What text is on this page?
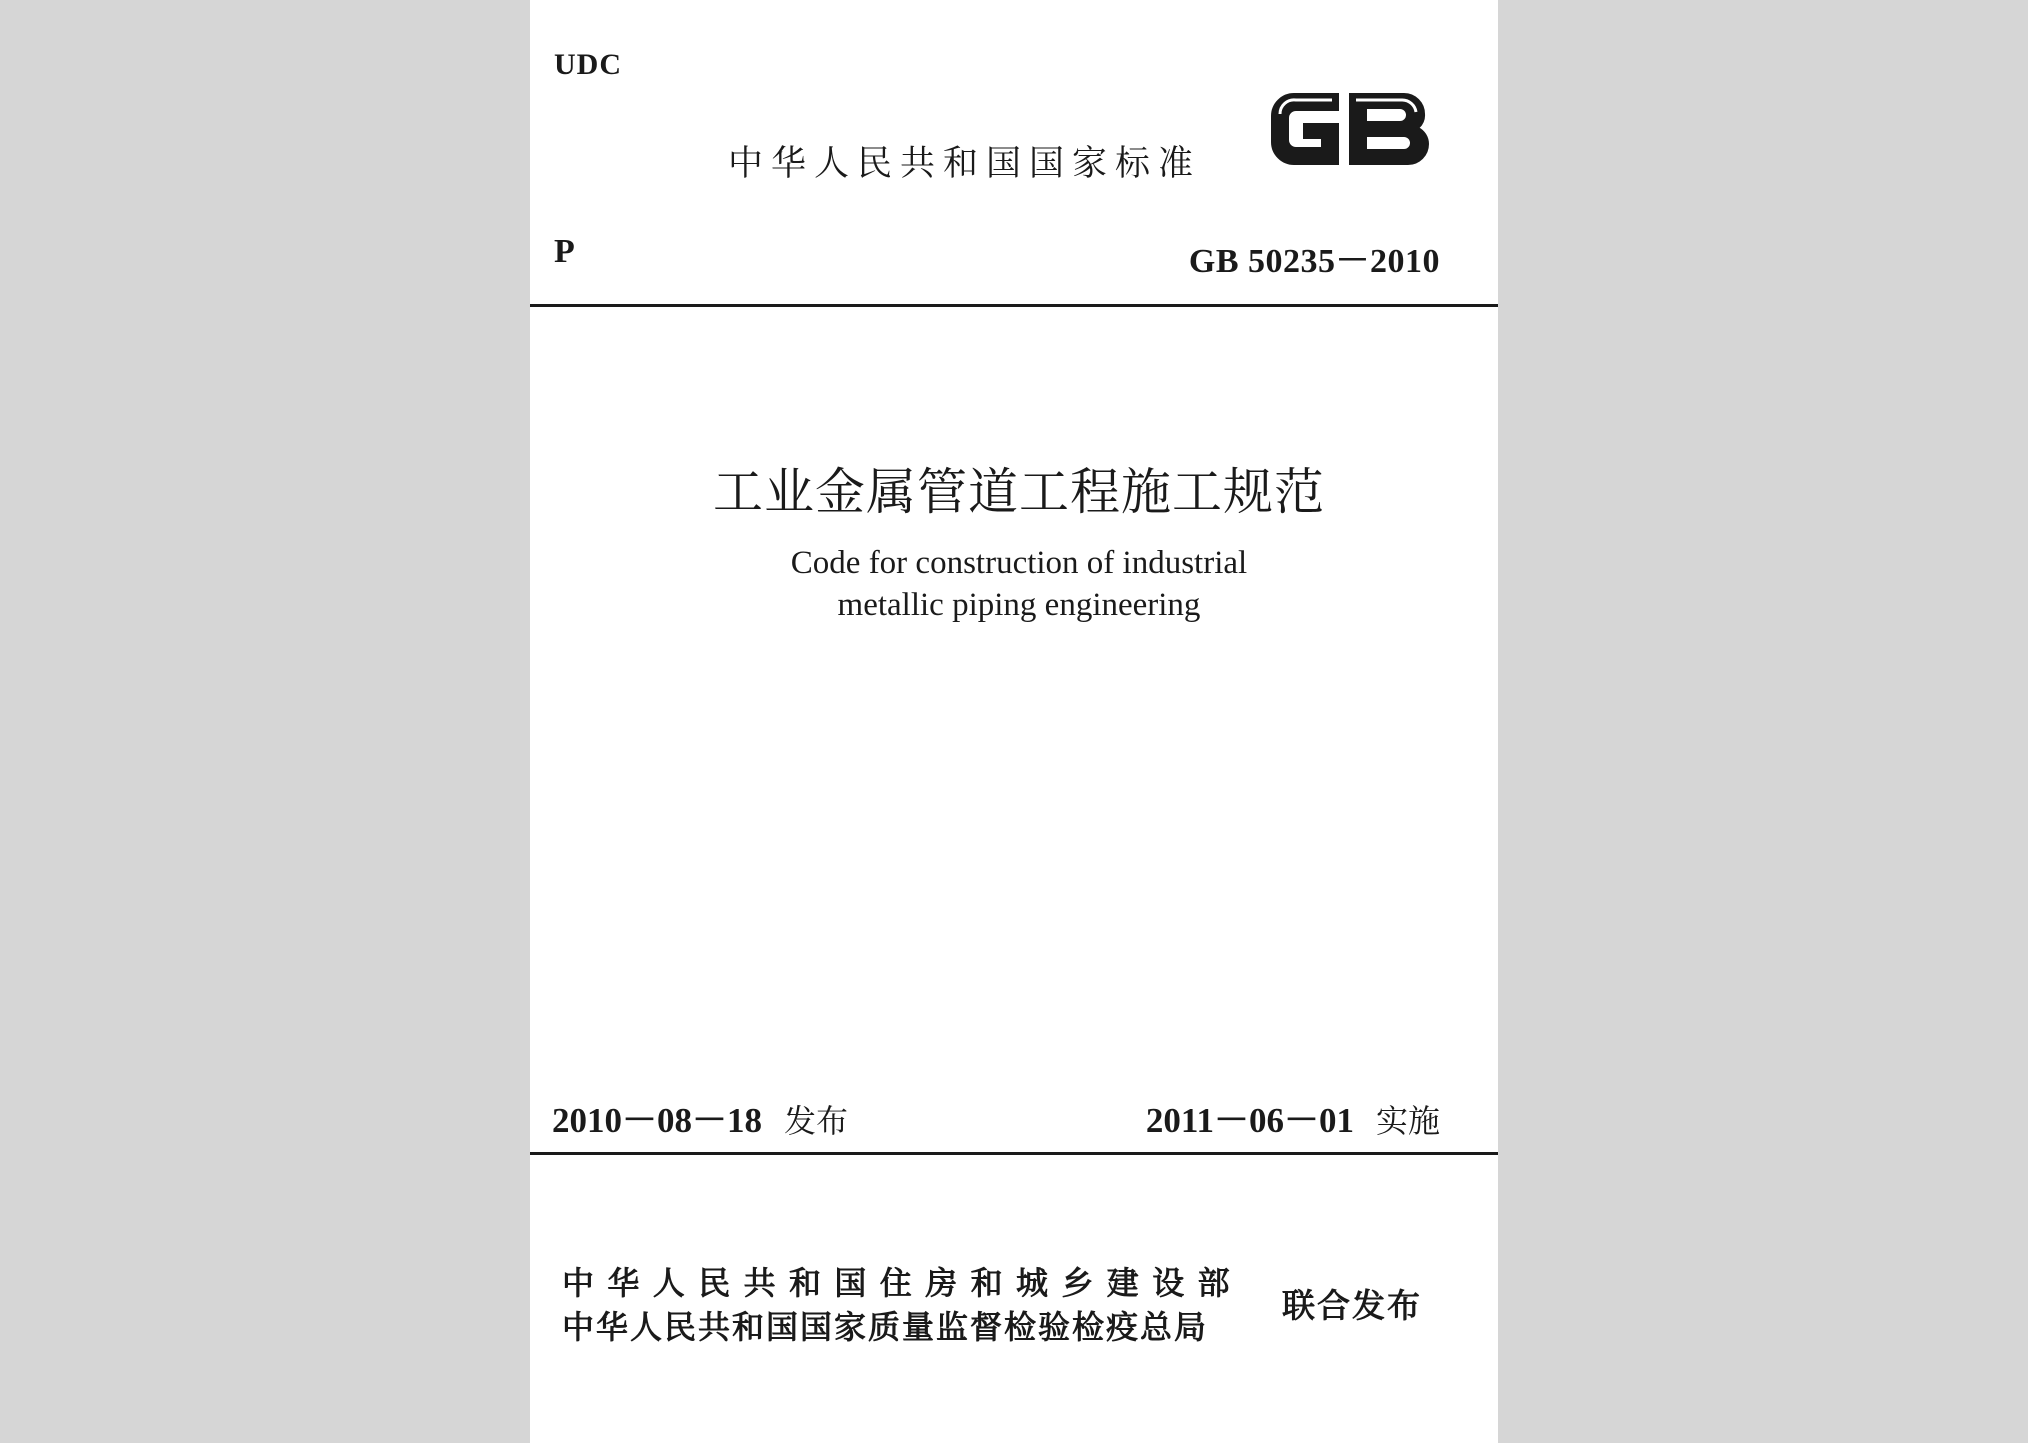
UDC
中华人民共和国国家标准
P	GB 50235－2010
工业金属管道工程施工规范
Code for construction of industrial
metallic piping engineering
2010－08－18 发布	2011－06－01 实施
中华人民共和国住房和城乡建设部
中华人民共和国国家质量监督检验检疫总局
联合发布
